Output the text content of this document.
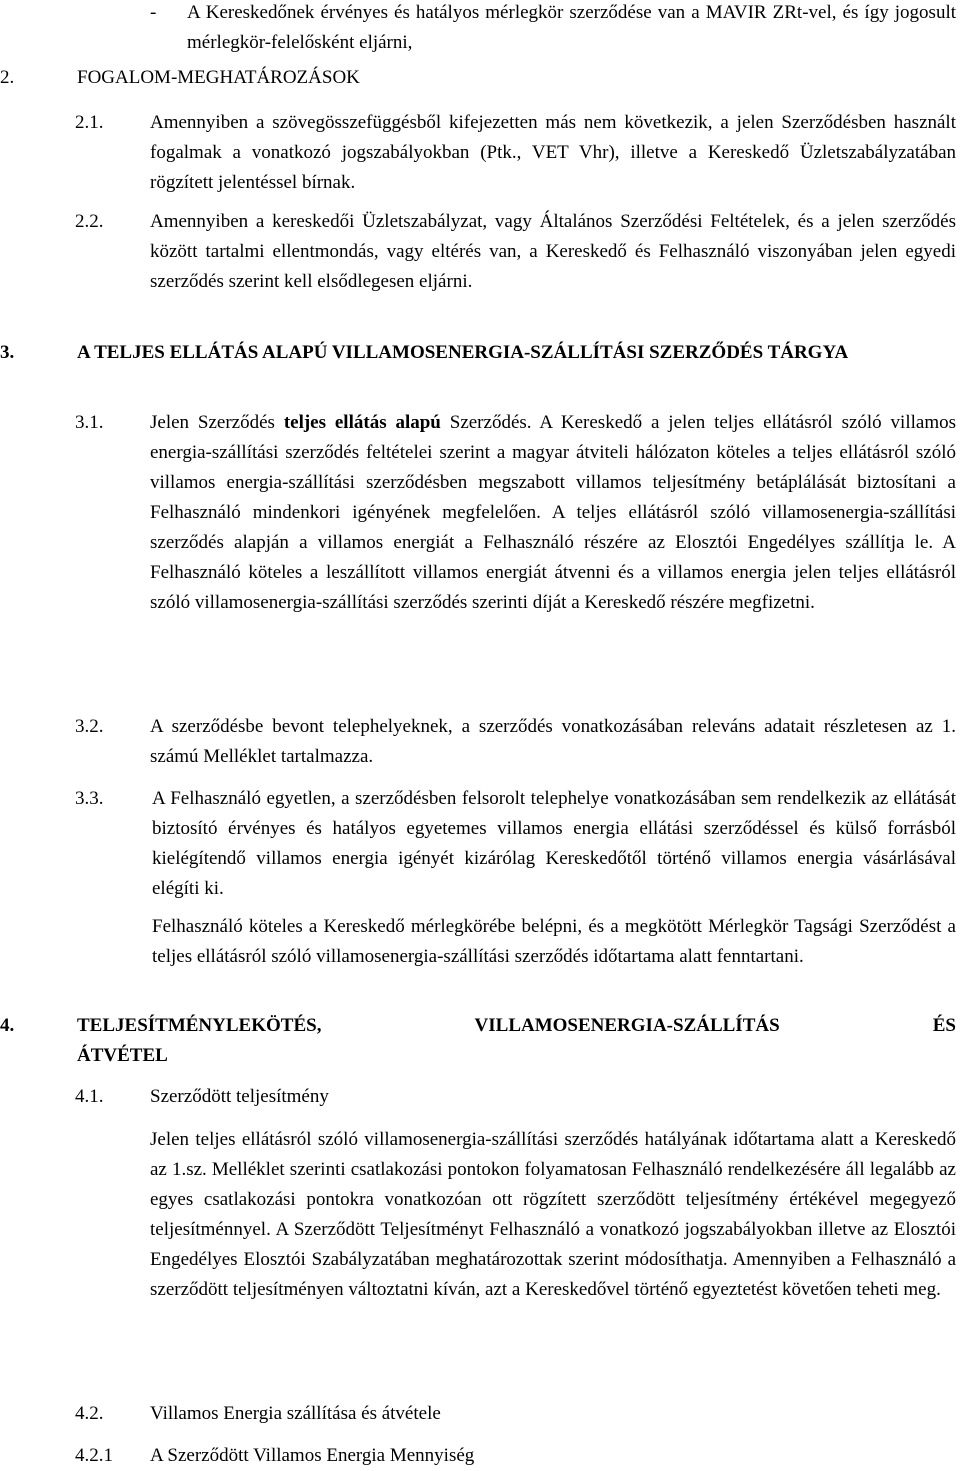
-	A Kereskedőnek érvényes és hatályos mérlegkör szerződése van a MAVIR ZRt-vel, és így jogosult mérlegkör-felelősként eljárni,
2.	FOGALOM-MEGHATÁROZÁSOK
2.1.	Amennyiben a szövegösszefüggésből kifejezetten más nem következik, a jelen Szerződésben használt fogalmak a vonatkozó jogszabályokban (Ptk., VET Vhr), illetve a Kereskedő Üzletszabályzatában rögzített jelentéssel bírnak.
2.2.	Amennyiben a kereskedői Üzletszabályzat, vagy Általános Szerződési Feltételek, és a jelen szerződés között tartalmi ellentmondás, vagy eltérés van, a Kereskedő és Felhasználó viszonyában jelen egyedi szerződés szerint kell elsődlegesen eljárni.
3.	A TELJES ELLÁTÁS ALAPÚ VILLAMOSENERGIA-SZÁLLÍTÁSI SZERZŐDÉS TÁRGYA
3.1.	Jelen Szerződés teljes ellátás alapú Szerződés. A Kereskedő a jelen teljes ellátásról szóló villamos energia-szállítási szerződés feltételei szerint a magyar átviteli hálózaton köteles a teljes ellátásról szóló villamos energia-szállítási szerződésben megszabott villamos teljesítmény betáplálását biztosítani a Felhasználó mindenkori igényének megfelelően. A teljes ellátásról szóló villamosenergia-szállítási szerződés alapján a villamos energiát a Felhasználó részére az Elosztói Engedélyes szállítja le. A Felhasználó köteles a leszállított villamos energiát átvenni és a villamos energia jelen teljes ellátásról szóló villamosenergia-szállítási szerződés szerinti díját a Kereskedő részére megfizetni.
3.2.	A szerződésbe bevont telephelyeknek, a szerződés vonatkozásában releváns adatait részletesen az 1. számú Melléklet tartalmazza.
3.3.	A Felhasználó egyetlen, a szerződésben felsorolt telephelye vonatkozásában sem rendelkezik az ellátását biztosító érvényes és hatályos egyetemes villamos energia ellátási szerződéssel és külső forrásból kielégítendő villamos energia igényét kizárólag Kereskedőtől történő villamos energia vásárlásával elégíti ki.
Felhasználó köteles a Kereskedő mérlegkörébe belépni, és a megkötött Mérlegkör Tagsági Szerződést a teljes ellátásról szóló villamosenergia-szállítási szerződés időtartama alatt fenntartani.
4.	TELJESÍTMÉNYLEKÖTÉS,	VILLAMOSENERGIA-SZÁLLÍTÁS	ÉS
ÁTVÉTEL
4.1.	Szerződött teljesítmény
Jelen teljes ellátásról szóló villamosenergia-szállítási szerződés hatályának időtartama alatt a Kereskedő az 1.sz. Melléklet szerinti csatlakozási pontokon folyamatosan Felhasználó rendelkezésére áll legalább az egyes csatlakozási pontokra vonatkozóan ott rögzített szerződött teljesítmény értékével megegyező teljesítménnyel. A Szerződött Teljesítményt Felhasználó a vonatkozó jogszabályokban illetve az Elosztói Engedélyes Elosztói Szabályzatában meghatározottak szerint módosíthatja. Amennyiben a Felhasználó a szerződött teljesítményen változtatni kíván, azt a Kereskedővel történő egyeztetést követően teheti meg.
4.2.	Villamos Energia szállítása és átvétele
4.2.1	A Szerződött Villamos Energia Mennyiség
